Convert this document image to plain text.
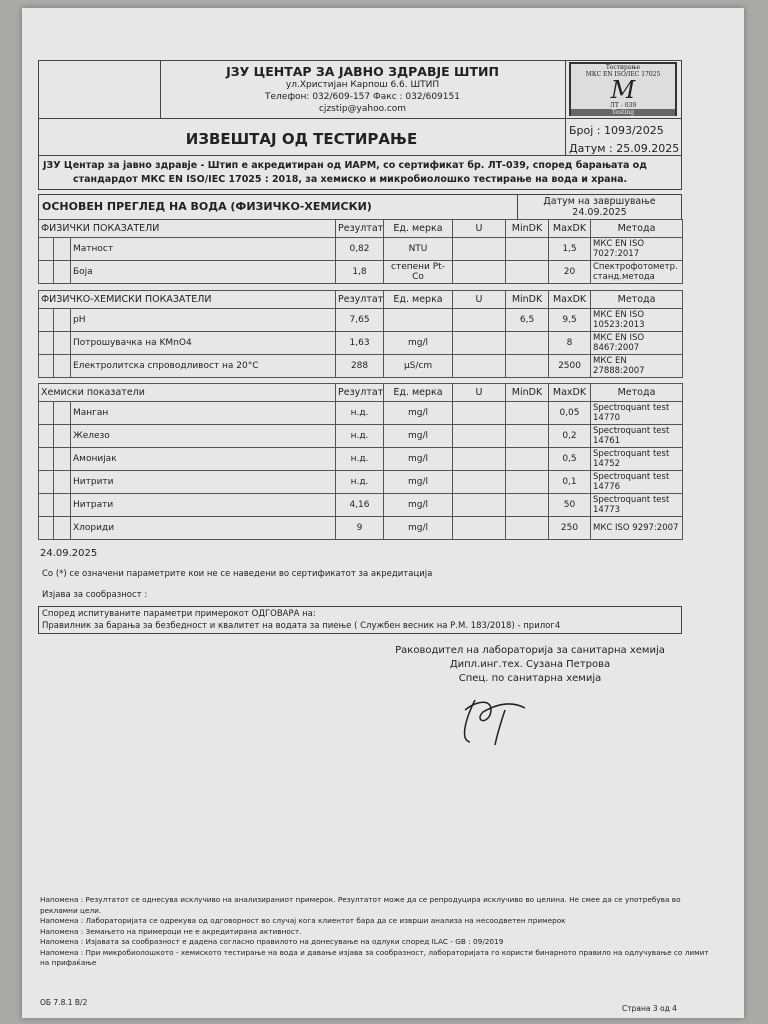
ЈЗУ ЦЕНТАР ЗА ЈАВНО ЗДРАВЈЕ ШТИП
ул.Христијан Карпош 6.6. ШТИП
Телефон: 032/609-157 Факс : 032/609151
cjzstip@yahoo.com
Тестирање
МКС EN ISO/IEC 17025
M
ЛТ - 039
Testing
ИЗВЕШТАЈ ОД ТЕСТИРАЊЕ	Број : 1093/2025
Датум : 25.09.2025
ЈЗУ Центар за јавно здравје - Штип е акредитиран од ИАРМ, со сертификат бр. ЛТ-039, според барањата од
стандардот МКС EN ISO/IEC 17025 : 2018, за хемиско и микробиолошко тестирање на вода и храна.
ОСНОВЕН ПРЕГЛЕД НА ВОДА (ФИЗИЧКО-ХЕМИСКИ)	Датум на завршување
24.09.2025
ФИЗИЧКИ ПОКАЗАТЕЛИ			Резултат	Ед. мерка	U	MinDK	MaxDK	Метода
		Матност	0,82	NTU			1,5	МКС EN ISO 7027:2017
		Боја	1,8	степени Pt-Co			20	Спектрофотометр. станд.метода
ФИЗИЧКО-ХЕМИСКИ ПОКАЗАТЕЛИ			Резултат	Ед. мерка	U	MinDK	MaxDK	Метода
		pH	7,65			6,5	9,5	МКС EN ISO 10523:2013
		Потрошувачка на KMnO4	1,63	mg/l			8	МКС EN ISO 8467:2007
		Електролитска спроводливост на 20°C	288	µS/cm			2500	МКС EN 27888:2007
Хемиски показатели			Резултат	Ед. мерка	U	MinDK	MaxDK	Метода
		Манган	н.д.	mg/l			0,05	Spectroquant test 14770
		Железо	н.д.	mg/l			0,2	Spectroquant test 14761
		Амонијак	н.д.	mg/l			0,5	Spectroquant test 14752
		Нитрити	н.д.	mg/l			0,1	Spectroquant test 14776
		Нитрати	4,16	mg/l			50	Spectroquant test 14773
		Хлориди	9	mg/l			250	МКС ISO 9297:2007
24.09.2025
Со (*) се означени параметрите кои не се наведени во сертификатот за акредитација
Изјава за сообразност :
Според испитуваните параметри примерокот ОДГОВАРА на:
Правилник за барања за безбедност и квалитет на водата за пиење ( Службен весник на Р.М. 183/2018) - прилог4
Раководител на лабораторија за санитарна хемија
Дипл.инг.тех. Сузана Петрова
Спец. по санитарна хемија
Напомена : Резултатот се однесува исклучиво на анализираниот примерок. Резултатот може да се репродуцира исклучиво во целина. Не смее да се употребува во рекламни цели.
Напомена : Лабораторијата се одрекува од одговорност во случај кога клиентот бара да се изврши анализа на несоодветен примерок
Напомена : Земањето на примероци не е акредитирана активност.
Напомена : Изјавата за сообразност е дадена согласно правилото на донесување на одлуки според ILAC - GB : 09/2019
Напомена : При микробиолошкото - хемиското тестирање на вода и давање изјава за сообразност, лабораторијата го користи бинарното правило на одлучување со лимит на прифаќање
ОБ 7.8.1 В/2
Страна 3 од 4
